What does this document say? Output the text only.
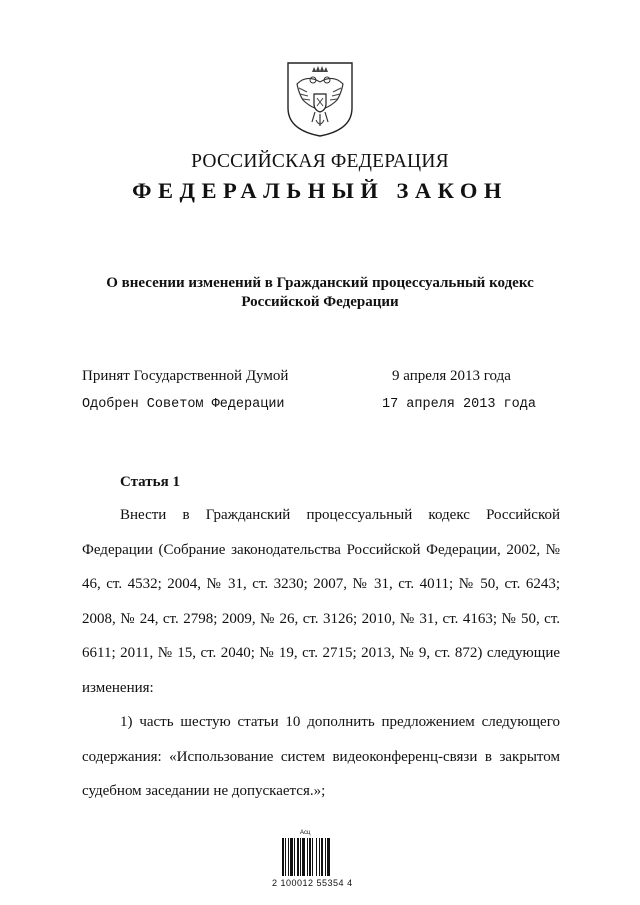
РОССИЙСКАЯ ФЕДЕРАЦИЯ
ФЕДЕРАЛЬНЫЙ ЗАКОН
О внесении изменений в Гражданский процессуальный кодекс
Российской Федерации
Принят Государственной Думой	9 апреля 2013 года
Одобрен Советом Федерации	17 апреля 2013 года
Статья 1

Внести в Гражданский процессуальный кодекс Российской Федерации (Собрание законодательства Российской Федерации, 2002, № 46, ст. 4532; 2004, № 31, ст. 3230; 2007, № 31, ст. 4011; № 50, ст. 6243; 2008, № 24, ст. 2798; 2009, № 26, ст. 3126; 2010, № 31, ст. 4163; № 50, ст. 6611; 2011, № 15, ст. 2040; № 19, ст. 2715; 2013, № 9, ст. 872) следующие изменения:

1) часть шестую статьи 10 дополнить предложением следующего содержания: «Использование систем видеоконференц-связи в закрытом судебном заседании не допускается.»;

Асц
2 100012 55354 4
